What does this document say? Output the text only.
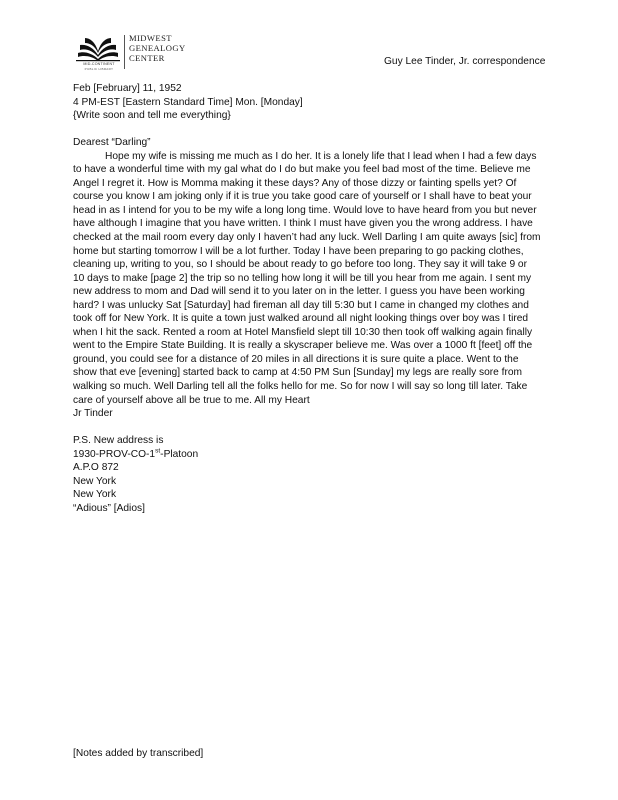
MID-CONTINENT
PUBLIC LIBRARY
MIDWEST
GENEALOGY
CENTER	Guy Lee Tinder, Jr. correspondence
Feb [February] 11, 1952
4 PM-EST [Eastern Standard Time] Mon. [Monday]
{Write soon and tell me everything}
Dearest “Darling”
Hope my wife is missing me much as I do her. It is a lonely life that I lead when I had a few days
to have a wonderful time with my gal what do I do but make you feel bad most of the time. Believe me
Angel I regret it. How is Momma making it these days? Any of those dizzy or fainting spells yet? Of
course you know I am joking only if it is true you take good care of yourself or I shall have to beat your
head in as I intend for you to be my wife a long long time. Would love to have heard from you but never
have although I imagine that you have written. I think I must have given you the wrong address. I have
checked at the mail room every day only I haven’t had any luck. Well Darling I am quite aways [sic] from
home but starting tomorrow I will be a lot further. Today I have been preparing to go packing clothes,
cleaning up, writing to you, so I should be about ready to go before too long. They say it will take 9 or
10 days to make [page 2] the trip so no telling how long it will be till you hear from me again. I sent my
new address to mom and Dad will send it to you later on in the letter. I guess you have been working
hard? I was unlucky Sat [Saturday] had fireman all day till 5:30 but I came in changed my clothes and
took off for New York. It is quite a town just walked around all night looking things over boy was I tired
when I hit the sack. Rented a room at Hotel Mansfield slept till 10:30 then took off walking again finally
went to the Empire State Building. It is really a skyscraper believe me. Was over a 1000 ft [feet] off the
ground, you could see for a distance of 20 miles in all directions it is sure quite a place. Went to the
show that eve [evening] started back to camp at 4:50 PM Sun [Sunday] my legs are really sore from
walking so much. Well Darling tell all the folks hello for me. So for now I will say so long till later. Take
care of yourself above all be true to me. All my Heart
Jr Tinder
P.S. New address is
1930-PROV-CO-1st-Platoon
A.P.O 872
New York
New York
“Adious” [Adios]
[Notes added by transcribed]
